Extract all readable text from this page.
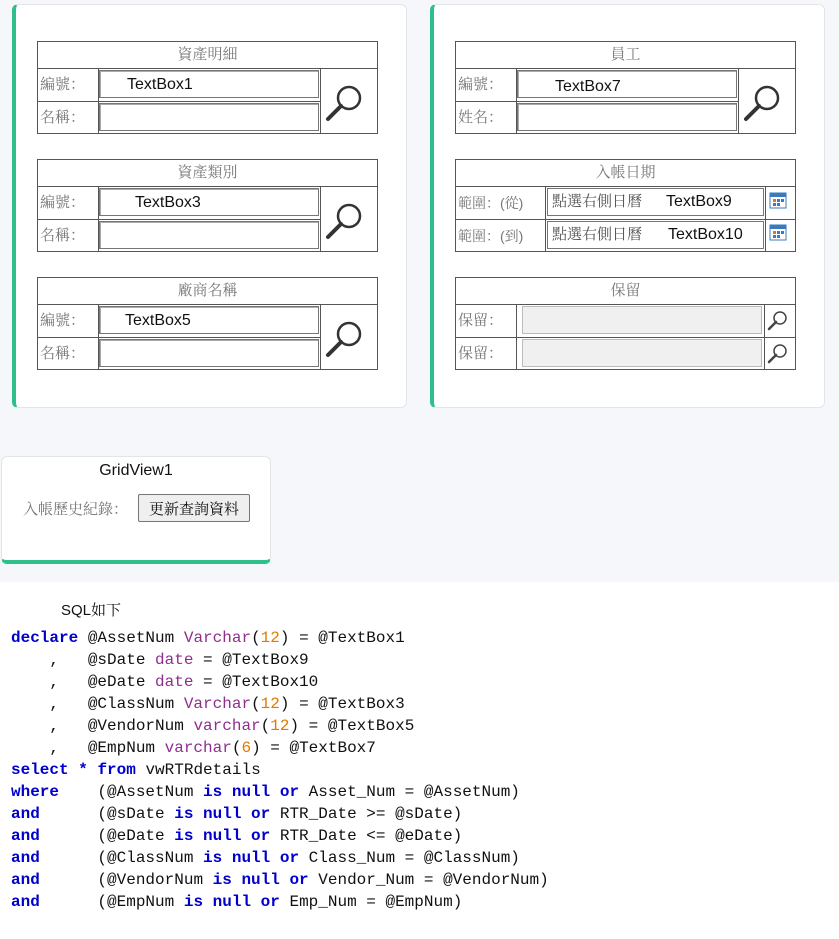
資產明細
編號：
名稱：
TextBox1
資產類別
編號：
名稱：
TextBox3
廠商名稱
編號：
名稱：
TextBox5
員工
編號：
姓名：
TextBox7
入帳日期
範圍：(從)
範圍：(到)
點選右側日曆 TextBox9
點選右側日曆 TextBox10
保留
保留：
保留：
GridView1
入帳歷史紀錄：	更新查詢資料
SQL如下
declare @AssetNum Varchar(12) = @TextBox1
,   @sDate date = @TextBox9
,   @eDate date = @TextBox10
,   @ClassNum Varchar(12) = @TextBox3
,   @VendorNum varchar(12) = @TextBox5
,   @EmpNum varchar(6) = @TextBox7
select * from vwRTRdetails
where    (@AssetNum is null or Asset_Num = @AssetNum)
and      (@sDate is null or RTR_Date >= @sDate)
and      (@eDate is null or RTR_Date <= @eDate)
and      (@ClassNum is null or Class_Num = @ClassNum)
and      (@VendorNum is null or Vendor_Num = @VendorNum)
and      (@EmpNum is null or Emp_Num = @EmpNum)
